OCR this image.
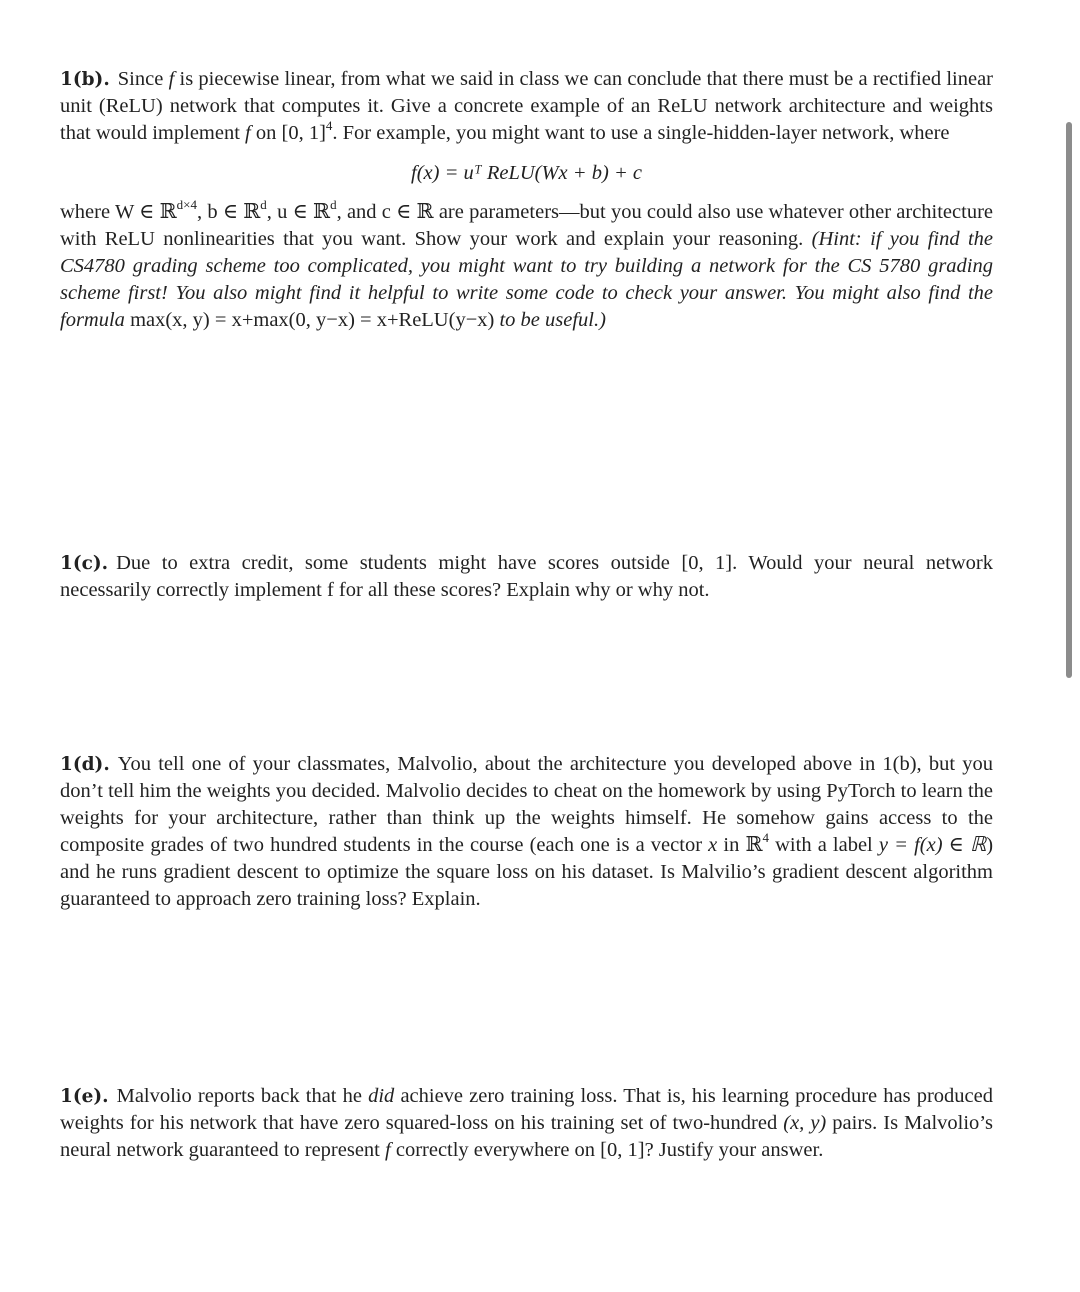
1(b). Since f is piecewise linear, from what we said in class we can conclude that there must be a rectified linear unit (ReLU) network that computes it. Give a concrete example of an ReLU network architecture and weights that would implement f on [0, 1]$^4$. For example, you might want to use a single-hidden-layer network, where

f(x) = uᵀ ReLU(Wx + b) + c

where W ∈ ℝ$^{d\times 4}$, b ∈ ℝ$^d$, u ∈ ℝ$^d$, and c ∈ ℝ are parameters—but you could also use whatever other architecture with ReLU nonlinearities that you want. Show your work and explain your reasoning. (Hint: if you find the CS4780 grading scheme too complicated, you might want to try building a network for the CS 5780 grading scheme first! You also might find it helpful to write some code to check your answer. You might also find the formula max(x, y) = x+max(0, y−x) = x+ReLU(y−x) to be useful.)

1(c). Due to extra credit, some students might have scores outside [0, 1]. Would your neural network necessarily correctly implement f for all these scores? Explain why or why not.

1(d). You tell one of your classmates, Malvolio, about the architecture you developed above in 1(b), but you don’t tell him the weights you decided. Malvolio decides to cheat on the homework by using PyTorch to learn the weights for your architecture, rather than think up the weights himself. He somehow gains access to the composite grades of two hundred students in the course (each one is a vector x in ℝ$^4$ with a label y = f(x) ∈ ℝ) and he runs gradient descent to optimize the square loss on his dataset. Is Malvilio’s gradient descent algorithm guaranteed to approach zero training loss? Explain.

1(e). Malvolio reports back that he did achieve zero training loss. That is, his learning procedure has produced weights for his network that have zero squared-loss on his training set of two-hundred (x, y) pairs. Is Malvolio’s neural network guaranteed to represent f correctly everywhere on [0, 1]? Justify your answer.
